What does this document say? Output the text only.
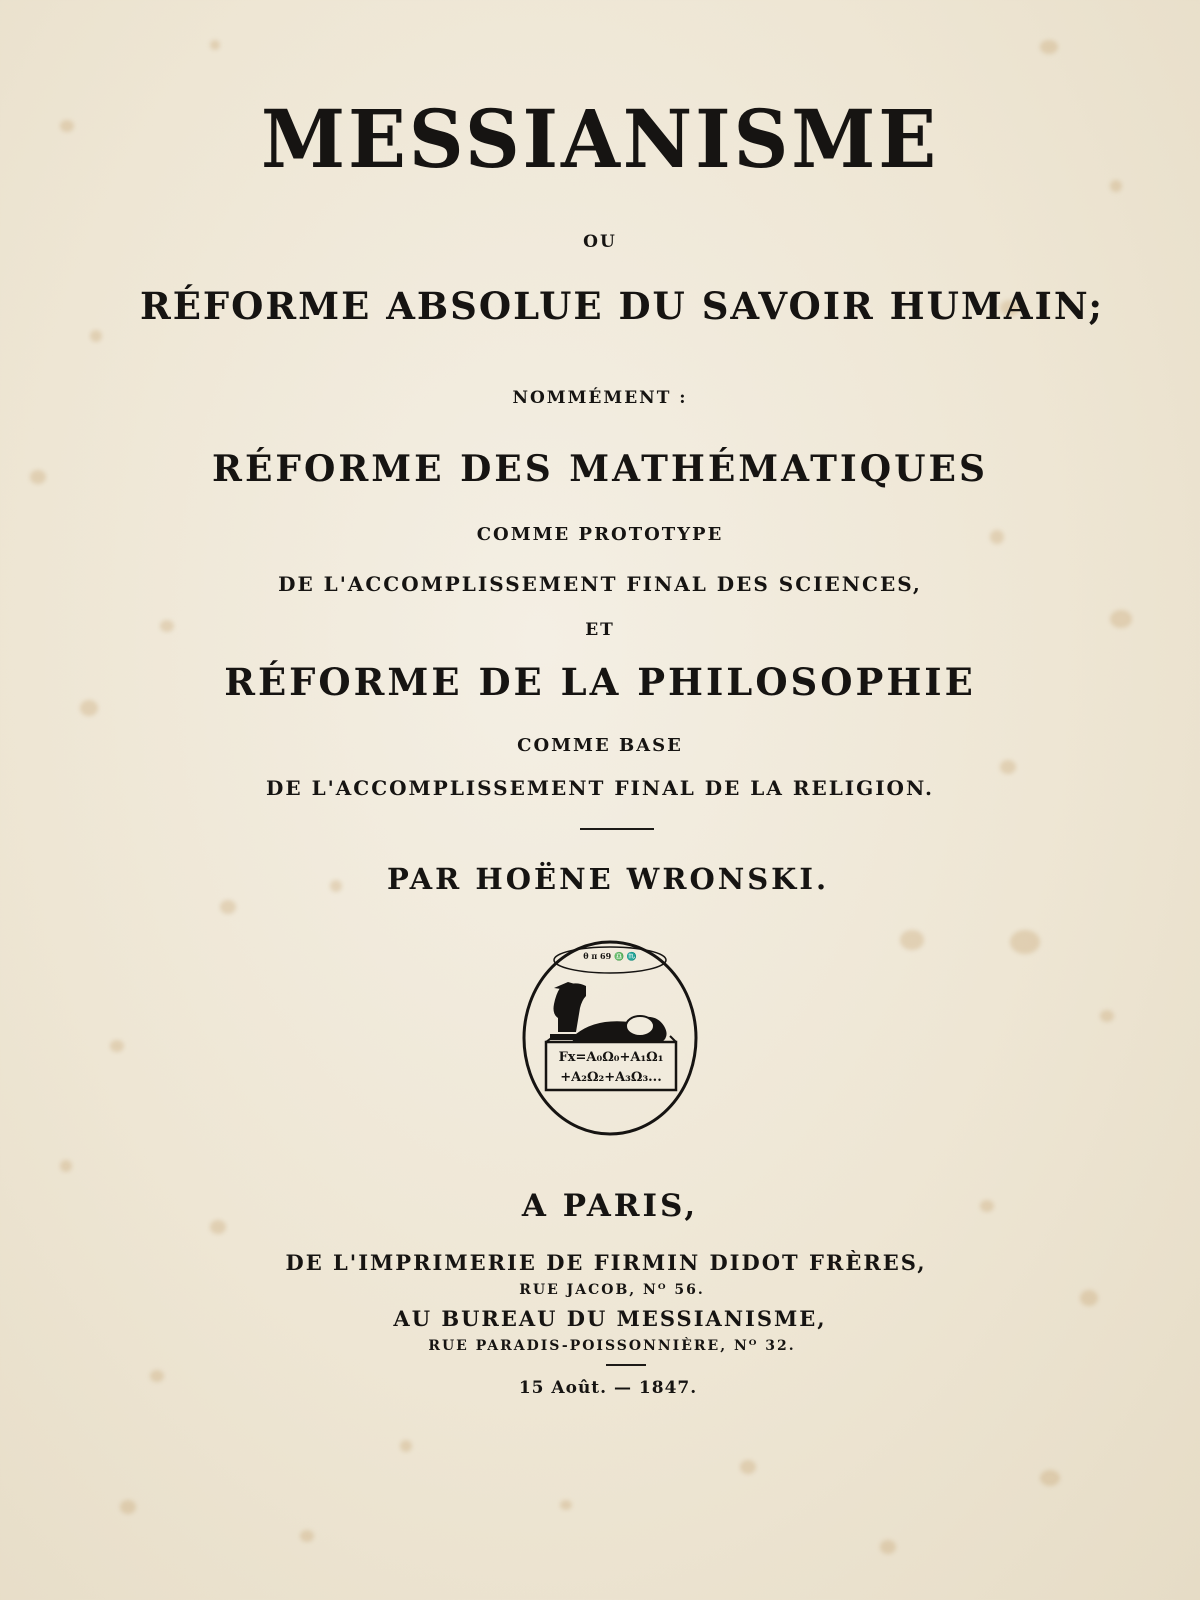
MESSIANISME
OU
RÉFORME ABSOLUE DU SAVOIR HUMAIN;
NOMMÉMENT :
RÉFORME DES MATHÉMATIQUES
COMME PROTOTYPE
DE L'ACCOMPLISSEMENT FINAL DES SCIENCES,
ET
RÉFORME DE LA PHILOSOPHIE
COMME BASE
DE L'ACCOMPLISSEMENT FINAL DE LA RELIGION.
PAR HOËNE WRONSKI.
θ π 69 ♎ ♏
Fx=A₀Ω₀+A₁Ω₁
+A₂Ω₂+A₃Ω₃...
A PARIS,
DE L'IMPRIMERIE DE FIRMIN DIDOT FRÈRES,
RUE JACOB, Nᴼ 56.
AU BUREAU DU MESSIANISME,
RUE PARADIS-POISSONNIÈRE, Nᴼ 32.
15 Août. — 1847.
